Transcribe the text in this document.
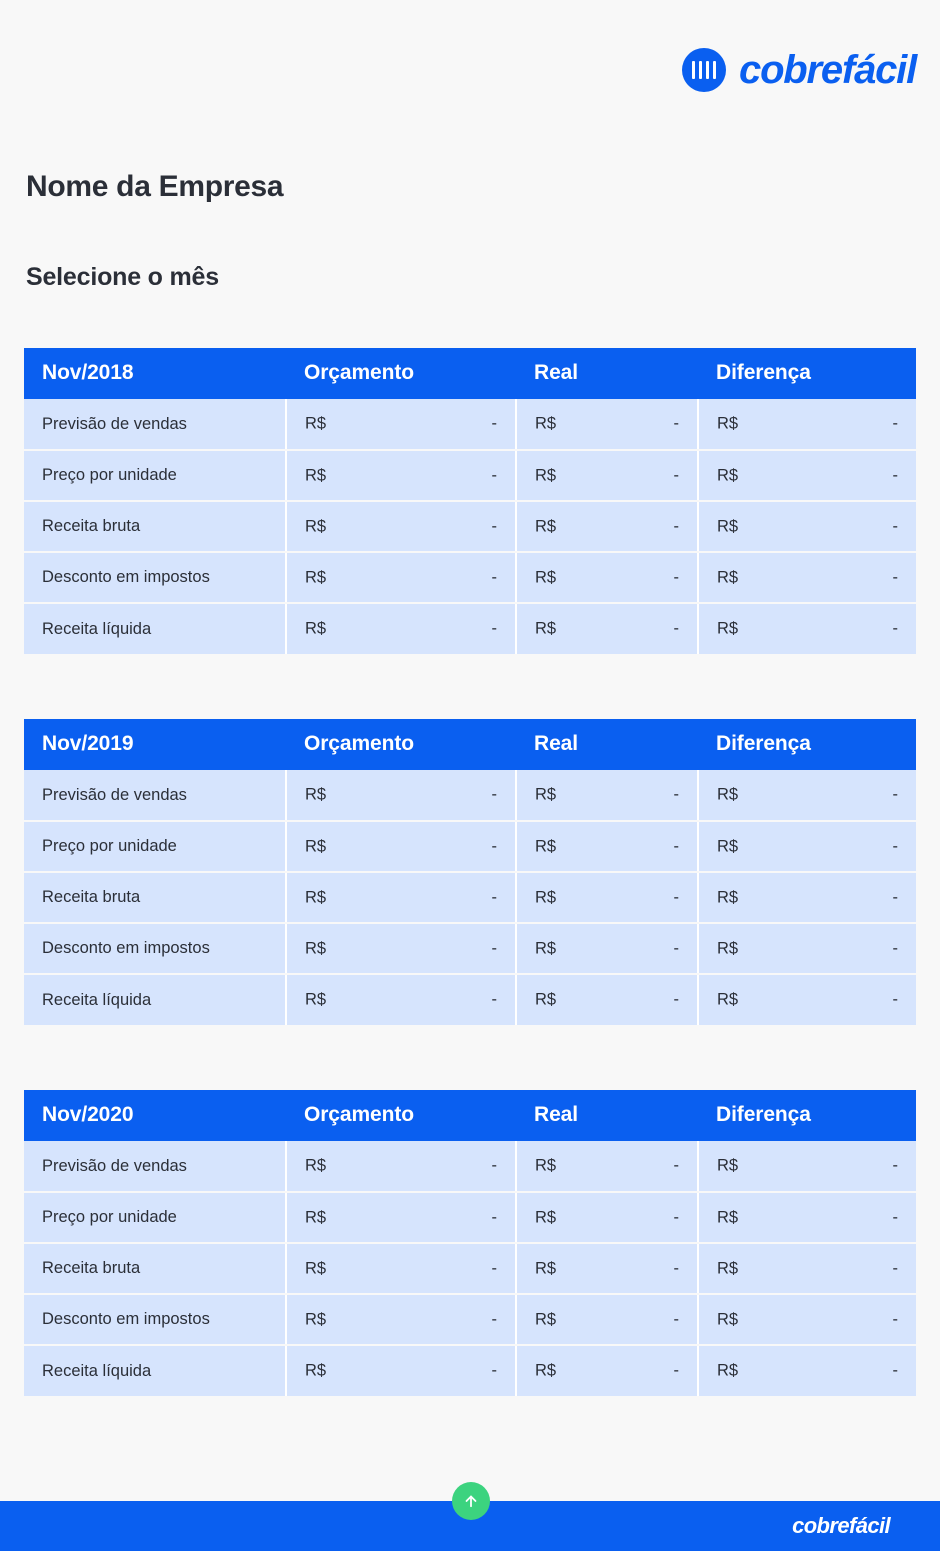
cobrefácil
Nome da Empresa
Selecione o mês
Nov/2018	Orçamento	Real	Diferença
Previsão de vendas	R$ -	R$ -	R$ -

Preço por unidade	R$ -	R$ -	R$ -

Receita bruta	R$ -	R$ -	R$ -

Desconto em impostos	R$ -	R$ -	R$ -

Receita líquida	R$ -	R$ -	R$ -
Nov/2019	Orçamento	Real	Diferença
Previsão de vendas	R$ -	R$ -	R$ -

Preço por unidade	R$ -	R$ -	R$ -

Receita bruta	R$ -	R$ -	R$ -

Desconto em impostos	R$ -	R$ -	R$ -

Receita líquida	R$ -	R$ -	R$ -
Nov/2020	Orçamento	Real	Diferença
Previsão de vendas	R$ -	R$ -	R$ -

Preço por unidade	R$ -	R$ -	R$ -

Receita bruta	R$ -	R$ -	R$ -

Desconto em impostos	R$ -	R$ -	R$ -

Receita líquida	R$ -	R$ -	R$ -
cobrefácil
